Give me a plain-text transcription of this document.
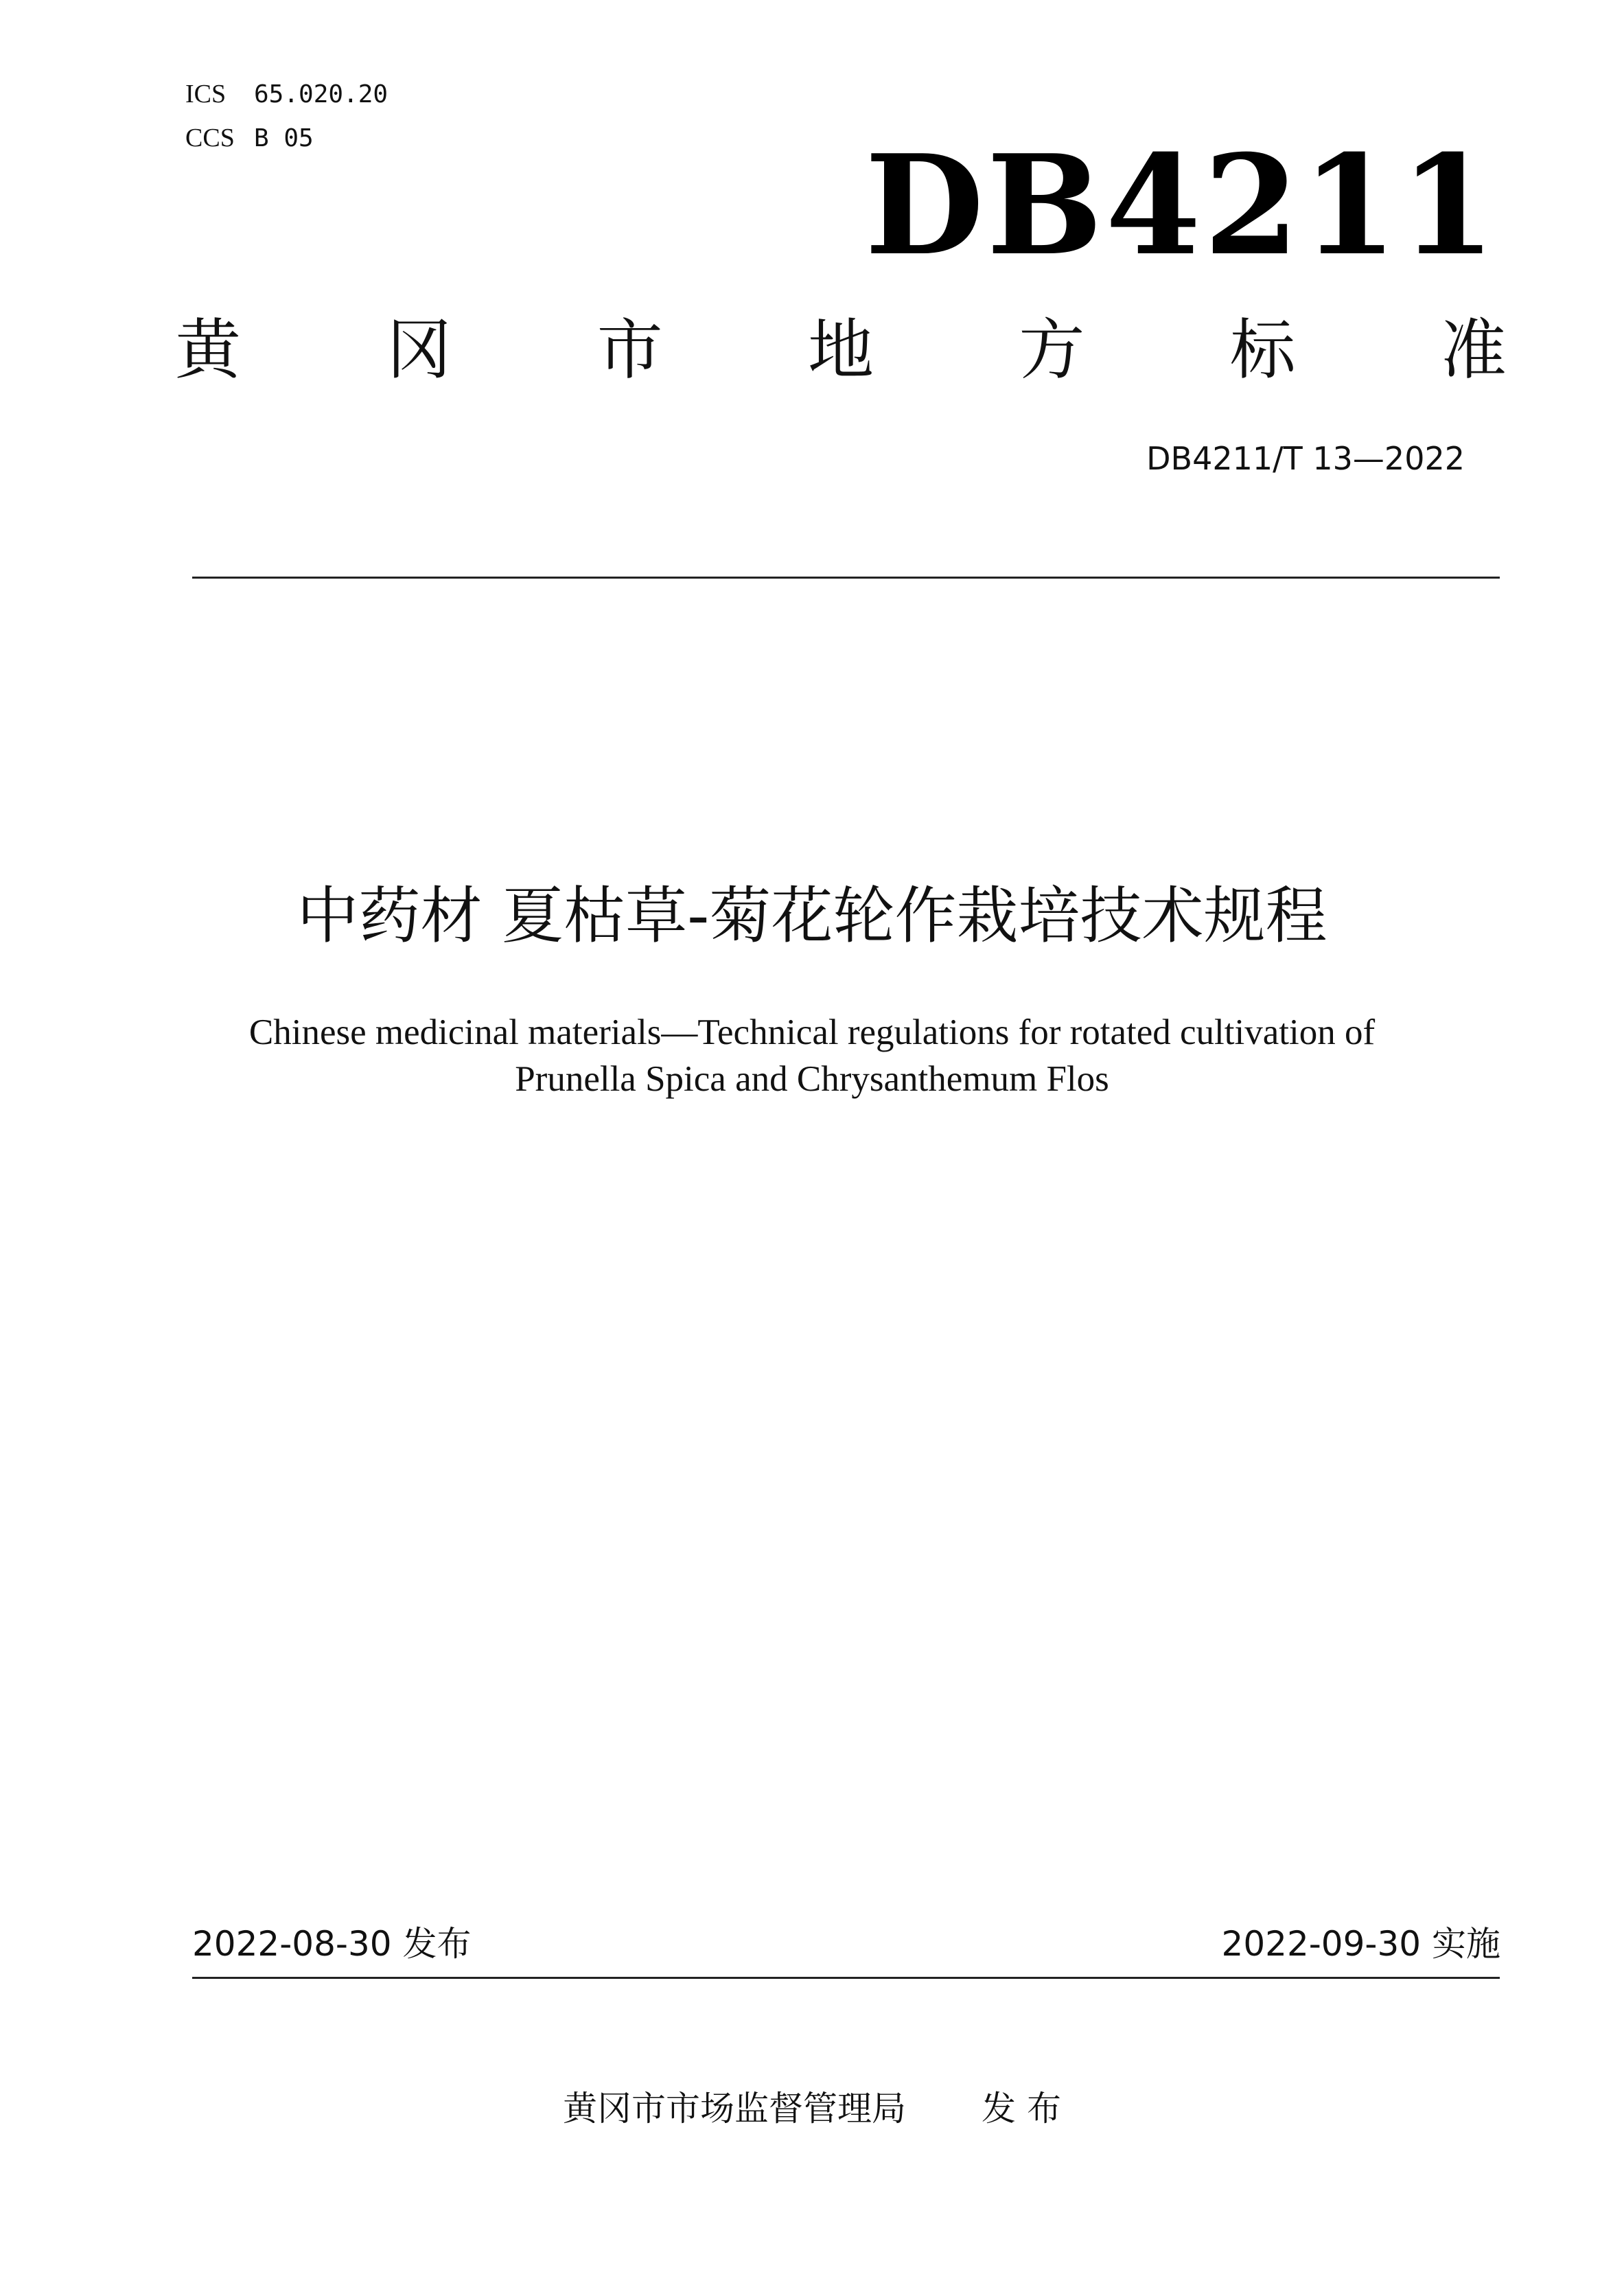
ICS 65.020.20
CCS B 05	DB4211
黄 冈 市 地 方 标 准
DB4211/T 13—2022
中药材 夏枯草-菊花轮作栽培技术规程
Chinese medicinal materials—Technical regulations for rotated cultivation of
Prunella Spica and Chrysanthemum Flos
2022-08-30 发布	2022-09-30 实施
黄冈市市场监督管理局 发 布
